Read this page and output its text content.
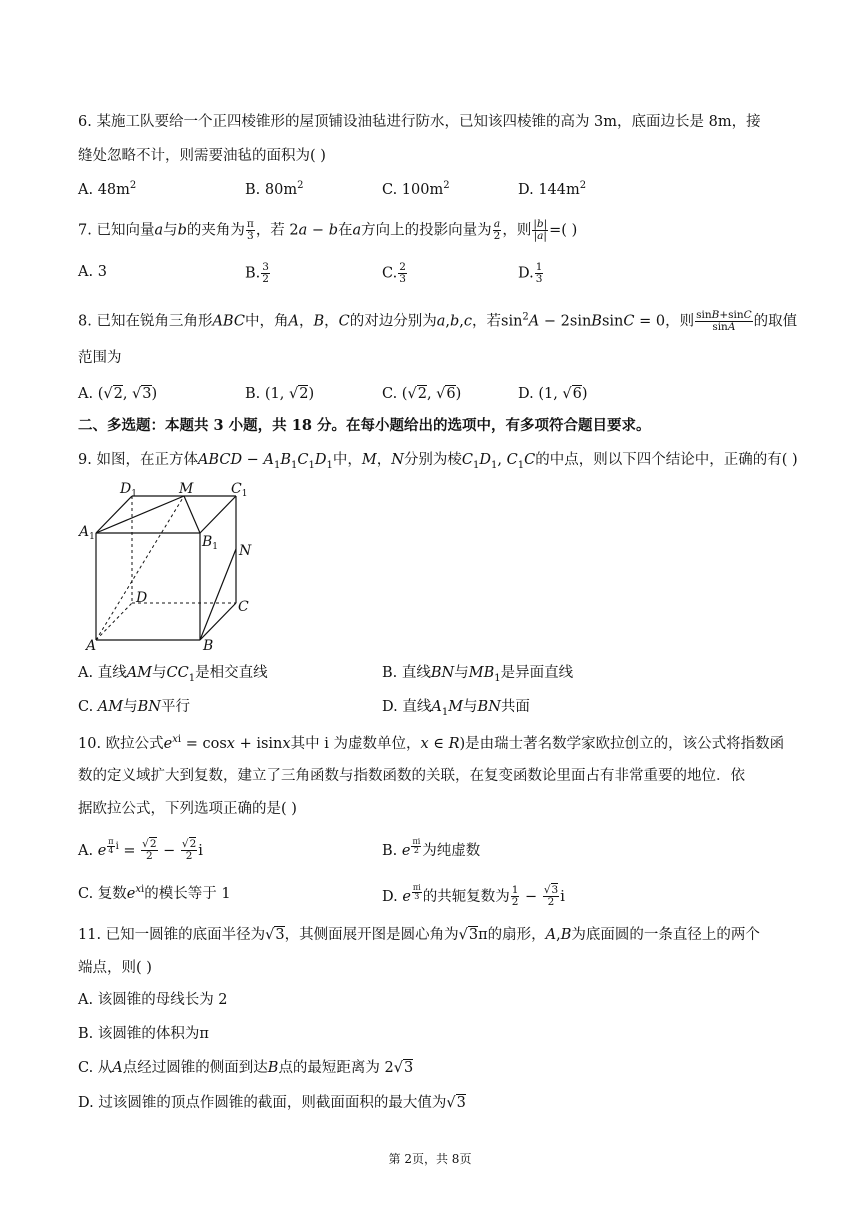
6. 某施工队要给一个正四棱锥形的屋顶铺设油毡进行防水，已知该四棱锥的高为 3m，底面边长是 8m，接
缝处忽略不计，则需要油毡的面积为( )
A. $48m^2$	B. $80m^2$	C. $100m^2$	D. $144m^2$
7. 已知向量a与b的夹角为 $\frac{\pi}{3}$ ，若 2a − b在a方向上的投影向量为 $\frac{a}{2}$ ，则 $\frac{|b|}{|a|}$ =( )
A. 3	B. $\frac{3}{2}$	C. $\frac{2}{3}$	D. $\frac{1}{3}$
8. 已知在锐角三角形ABC中，角A，B，C的对边分别为a,b,c，若$\sin^2A$ − 2sinBsinC = 0，则 $\frac{\sin B+\sin C}{\sin A}$ 的取值
范围为
A. (√2, √3)	B. (1, √2)	C. (√2, √6)	D. (1, √6)
二、多选题：本题共 3 小题，共 18 分。在每小题给出的选项中，有多项符合题目要求。
9. 如图，在正方体ABCD − $A_1B_1C_1D_1$中，M，N分别为棱$C_1D_1$, $C_1C$的中点，则以下四个结论中，正确的有( )
$D_1$	M	$C_1$
$A_1$	$B_1$ N
D
C
A	B
A. 直线AM与$CC_1$是相交直线	B. 直线BN与$MB_1$是异面直线
C. AM与BN平行	D. 直线$A_1M$与BN共面
10. 欧拉公式$e^{xi} = \cos x + isinx$其中 i 为虚数单位，x ∈ R)是由瑞士著名数学家欧拉创立的，该公式将指数函
数的定义域扩大到复数，建立了三角函数与指数函数的关联，在复变函数论里面占有非常重要的地位．依
据欧拉公式，下列选项正确的是( )
A. e $^{\frac{\pi}{4} i} = \frac{√2}{2} - \frac{√2}{2}$ i	B. e $^{\frac{\pi i}{2}}$ 为纯虚数
C. 复数$e^{xi}$的模长等于 1	D. e $^{\frac{\pi i}{3}}$ 的共轭复数为 $\frac{1}{2} - \frac{√3}{2}$ i
11. 已知一圆锥的底面半径为√3，其侧面展开图是圆心角为√3π的扇形，A,B为底面圆的一条直径上的两个
端点，则( )
A. 该圆锥的母线长为 2
B. 该圆锥的体积为π
C. 从A点经过圆锥的侧面到达B点的最短距离为 2√3
D. 过该圆锥的顶点作圆锥的截面，则截面面积的最大值为√3
第 2页，共 8页
